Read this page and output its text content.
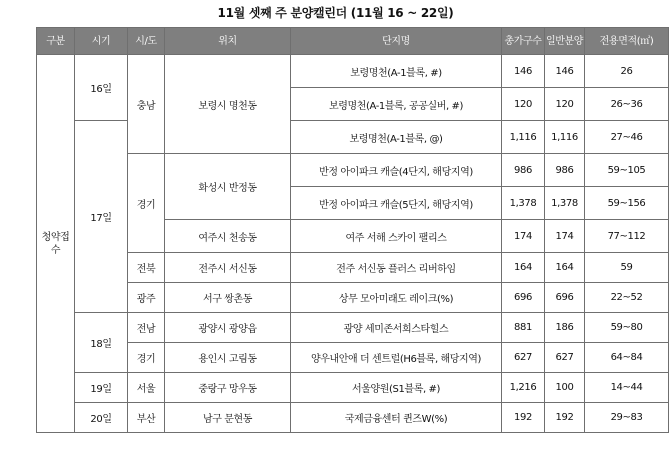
11월 셋째 주 분양캘린더 (11월 16 ~ 22일)
구분	시기	시/도	위치	단지명	총가구수	일반분양	전용면적(㎡)
청약접수	16일	충남	보령시 명천동	보령명천(A-1블록, #)	146	146	26
				보령명천(A-1블록, 공공실버, #)	120	120	26~36
	17일			보령명천(A-1블록, @)	1,116	1,116	27~46
		경기	화성시 반정동	반정 아이파크 캐슬(4단지, 해당지역)	986	986	59~105
				반정 아이파크 캐슬(5단지, 해당지역)	1,378	1,378	59~156
			여주시 천송동	여주 서해 스카이 팰리스	174	174	77~112
		전북	전주시 서신동	전주 서신동 플러스 리버하임	164	164	59
		광주	서구 쌍촌동	상무 모아미래도 레이크(%)	696	696	22~52
	18일	전남	광양시 광양읍	광양 세미존서희스타힐스	881	186	59~80
		경기	용인시 고림동	양우내안애 더 센트럴(H6블록, 해당지역)	627	627	64~84
	19일	서울	중랑구 망우동	서울양원(S1블록, #)	1,216	100	14~44
	20일	부산	남구 문현동	국제금융센터 퀸즈W(%)	192	192	29~83
